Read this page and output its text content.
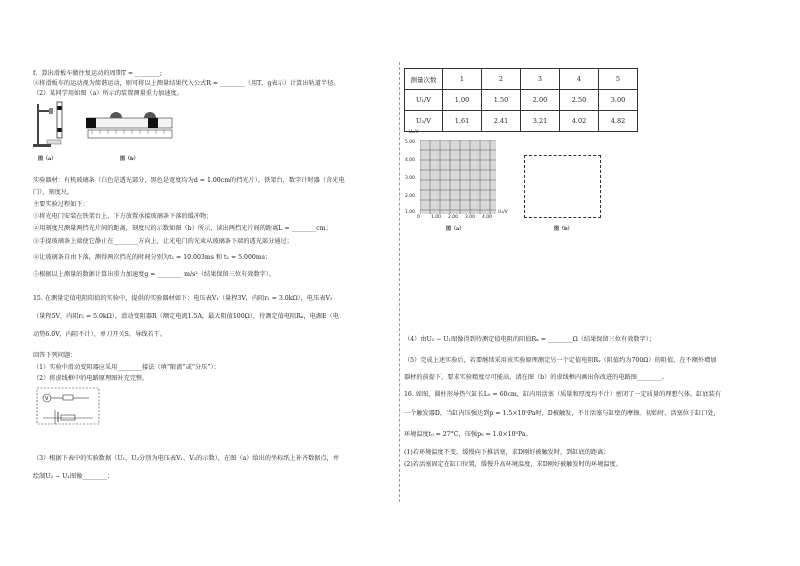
f、算出滑板车做往复运动的周期T = ________;
③将滑板车的运动视为简谐运动，则可将以上测量结果代入公式R = ________（用T、g表示）计算出轨道半径。
（2）某同学用如图（a）所示的装置测量重力加速度。
图（a）	图（b）
实验器材：有机玻璃条（白色是透光部分，黑色是宽度均为d = 1.00cm的挡光片），铁架台，数字计时器（含光电
门），刻度尺。
主要实验过程如下：
①将光电门安装在铁架台上，下方放置承接玻璃条下落的缓冲物；
②用刻度尺测量两挡光片间的距离，刻度尺的示数如图（b）所示，读出两挡光片间的距离L = ________cm；
③手提玻璃条上端使它静止在________方向上，让光电门的光束从玻璃条下端的透光部分通过；
④让玻璃条自由下落，测得两次挡光的时间分别为t₁ = 10.003ms 和 t₂ = 5.000ms；
⑤根据以上测量的数据计算出重力加速度g = ________ m/s²（结果保留三位有效数字）。
15. 在测量定值电阻阻值的实验中，提供的实验器材如下：电压表V₁（量程3V，内阻r₁ = 3.0kΩ），电压表V₂
（量程5V，内阻r₂ = 5.0kΩ），滑动变阻器R（额定电流1.5A，最大阻值100Ω），待测定值电阻Rₓ，电源E（电
动势6.0V，内阻不计），单刀开关S，导线若干。
回答下列问题：
（1）实验中滑动变阻器应采用________接法（填“限流”或“分压”）；
（2）将虚线框中的电路原理图补充完整。
V
（3）根据下表中的实验数据（U₁、U₂分别为电压表V₁、V₂的示数），在图（a）给出的坐标纸上补齐数据点，并
绘制U₂ − U₁图像________；
测量次数	1	2	3	4	5
U₁/V	1.00	1.50	2.00	2.50	3.00
U₂/V	1.61	2.41	3.21	4.02	4.82
U₂/V
5.00
4.00
3.00
2.00
1.00
0 1.00 2.00 3.00 4.00
U₁/V
图（a）	图（b）
（4）由U₂ − U₁图像得到待测定值电阻的阻值Rₓ = ________Ω（结果保留三位有效数字）；
（5）完成上述实验后，若要继续采用该实验原理测定另一个定值电阻Rᵧ（阻值约为700Ω）的阻值，在不额外增加
器材的前提下，要求实验精度尽可能高，请在图（b）的虚线框内画出你改进的电路图________。
16. 如图，圆柱形导热气缸长L₀ = 60cm，缸内用活塞（质量和厚度均不计）密闭了一定质量的理想气体，缸底装有
一个触发器D，当缸内压强达到p = 1.5×10⁵Pa时，D被触发，不计活塞与缸壁的摩擦。初始时，活塞位于缸口处，
环境温度t₀ = 27°C，压强p₀ = 1.0×10⁵Pa。
(1)若环境温度不变，缓慢向下推活塞，求D刚好被触发时，到缸底的距离；
(2)若活塞固定在缸口位置，缓慢升高环境温度，求D刚好被触发时的环境温度。
